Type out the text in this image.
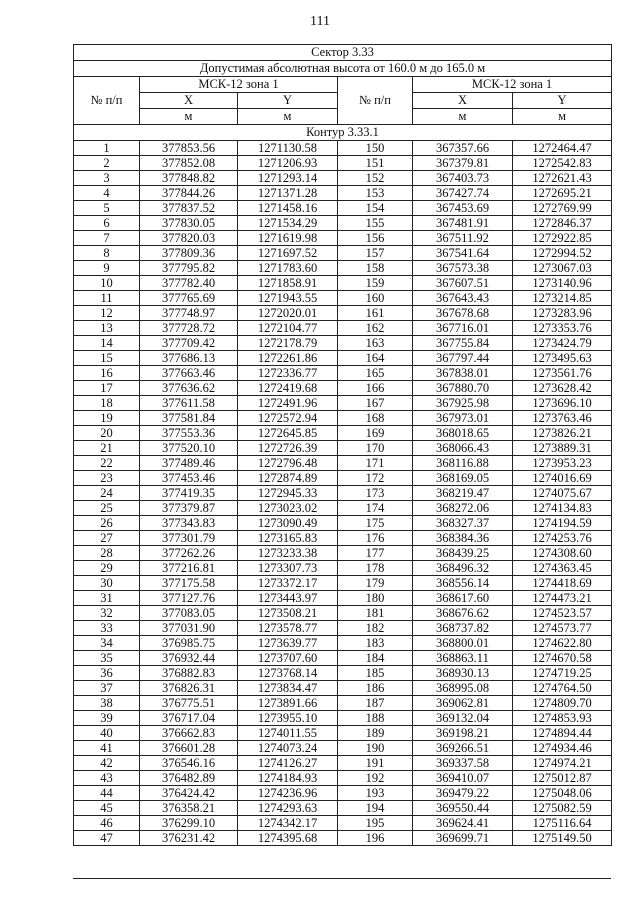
111
Сектор 3.33					
Допустимая абсолютная высота от 160.0 м до 165.0 м					
№ п/п	МСК-12 зона 1		№ п/п	МСК-12 зона 1	
	X	Y		X	Y
	м	м		м	м
Контур 3.33.1					
1	377853.56	1271130.58	150	367357.66	1272464.47
2	377852.08	1271206.93	151	367379.81	1272542.83
3	377848.82	1271293.14	152	367403.73	1272621.43
4	377844.26	1271371.28	153	367427.74	1272695.21
5	377837.52	1271458.16	154	367453.69	1272769.99
6	377830.05	1271534.29	155	367481.91	1272846.37
7	377820.03	1271619.98	156	367511.92	1272922.85
8	377809.36	1271697.52	157	367541.64	1272994.52
9	377795.82	1271783.60	158	367573.38	1273067.03
10	377782.40	1271858.91	159	367607.51	1273140.96
11	377765.69	1271943.55	160	367643.43	1273214.85
12	377748.97	1272020.01	161	367678.68	1273283.96
13	377728.72	1272104.77	162	367716.01	1273353.76
14	377709.42	1272178.79	163	367755.84	1273424.79
15	377686.13	1272261.86	164	367797.44	1273495.63
16	377663.46	1272336.77	165	367838.01	1273561.76
17	377636.62	1272419.68	166	367880.70	1273628.42
18	377611.58	1272491.96	167	367925.98	1273696.10
19	377581.84	1272572.94	168	367973.01	1273763.46
20	377553.36	1272645.85	169	368018.65	1273826.21
21	377520.10	1272726.39	170	368066.43	1273889.31
22	377489.46	1272796.48	171	368116.88	1273953.23
23	377453.46	1272874.89	172	368169.05	1274016.69
24	377419.35	1272945.33	173	368219.47	1274075.67
25	377379.87	1273023.02	174	368272.06	1274134.83
26	377343.83	1273090.49	175	368327.37	1274194.59
27	377301.79	1273165.83	176	368384.36	1274253.76
28	377262.26	1273233.38	177	368439.25	1274308.60
29	377216.81	1273307.73	178	368496.32	1274363.45
30	377175.58	1273372.17	179	368556.14	1274418.69
31	377127.76	1273443.97	180	368617.60	1274473.21
32	377083.05	1273508.21	181	368676.62	1274523.57
33	377031.90	1273578.77	182	368737.82	1274573.77
34	376985.75	1273639.77	183	368800.01	1274622.80
35	376932.44	1273707.60	184	368863.11	1274670.58
36	376882.83	1273768.14	185	368930.13	1274719.25
37	376826.31	1273834.47	186	368995.08	1274764.50
38	376775.51	1273891.66	187	369062.81	1274809.70
39	376717.04	1273955.10	188	369132.04	1274853.93
40	376662.83	1274011.55	189	369198.21	1274894.44
41	376601.28	1274073.24	190	369266.51	1274934.46
42	376546.16	1274126.27	191	369337.58	1274974.21
43	376482.89	1274184.93	192	369410.07	1275012.87
44	376424.42	1274236.96	193	369479.22	1275048.06
45	376358.21	1274293.63	194	369550.44	1275082.59
46	376299.10	1274342.17	195	369624.41	1275116.64
47	376231.42	1274395.68	196	369699.71	1275149.50
